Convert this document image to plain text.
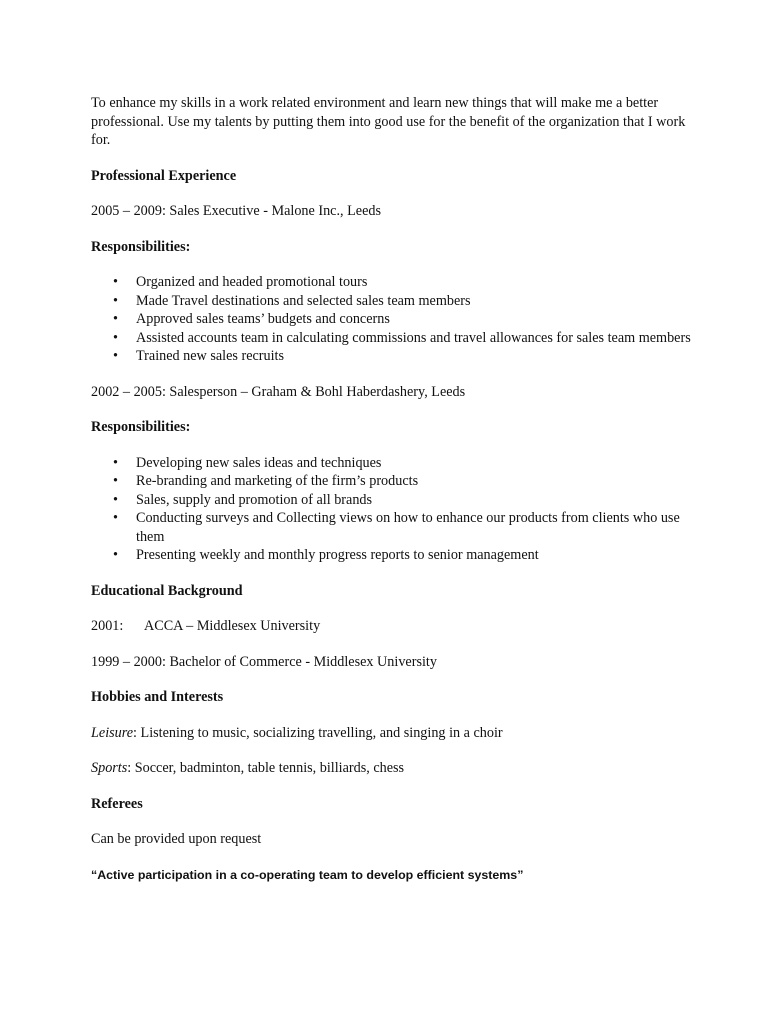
To enhance my skills in a work related environment and learn new things that will make me a better professional. Use my talents by putting them into good use for the benefit of the organization that I work for.

Professional Experience

2005 – 2009: Sales Executive - Malone Inc., Leeds

Responsibilities:

• Organized and headed promotional tours
• Made Travel destinations and selected sales team members
• Approved sales teams’ budgets and concerns
• Assisted accounts team in calculating commissions and travel allowances for sales team members
• Trained new sales recruits

2002 – 2005: Salesperson – Graham & Bohl Haberdashery, Leeds

Responsibilities:

• Developing new sales ideas and techniques
• Re-branding and marketing of the firm’s products
• Sales, supply and promotion of all brands
• Conducting surveys and Collecting views on how to enhance our products from clients who use them
• Presenting weekly and monthly progress reports to senior management

Educational Background

2001: ACCA – Middlesex University

1999 – 2000: Bachelor of Commerce - Middlesex University

Hobbies and Interests

Leisure: Listening to music, socializing travelling, and singing in a choir

Sports: Soccer, badminton, table tennis, billiards, chess

Referees

Can be provided upon request

“Active participation in a co-operating team to develop efficient systems”
